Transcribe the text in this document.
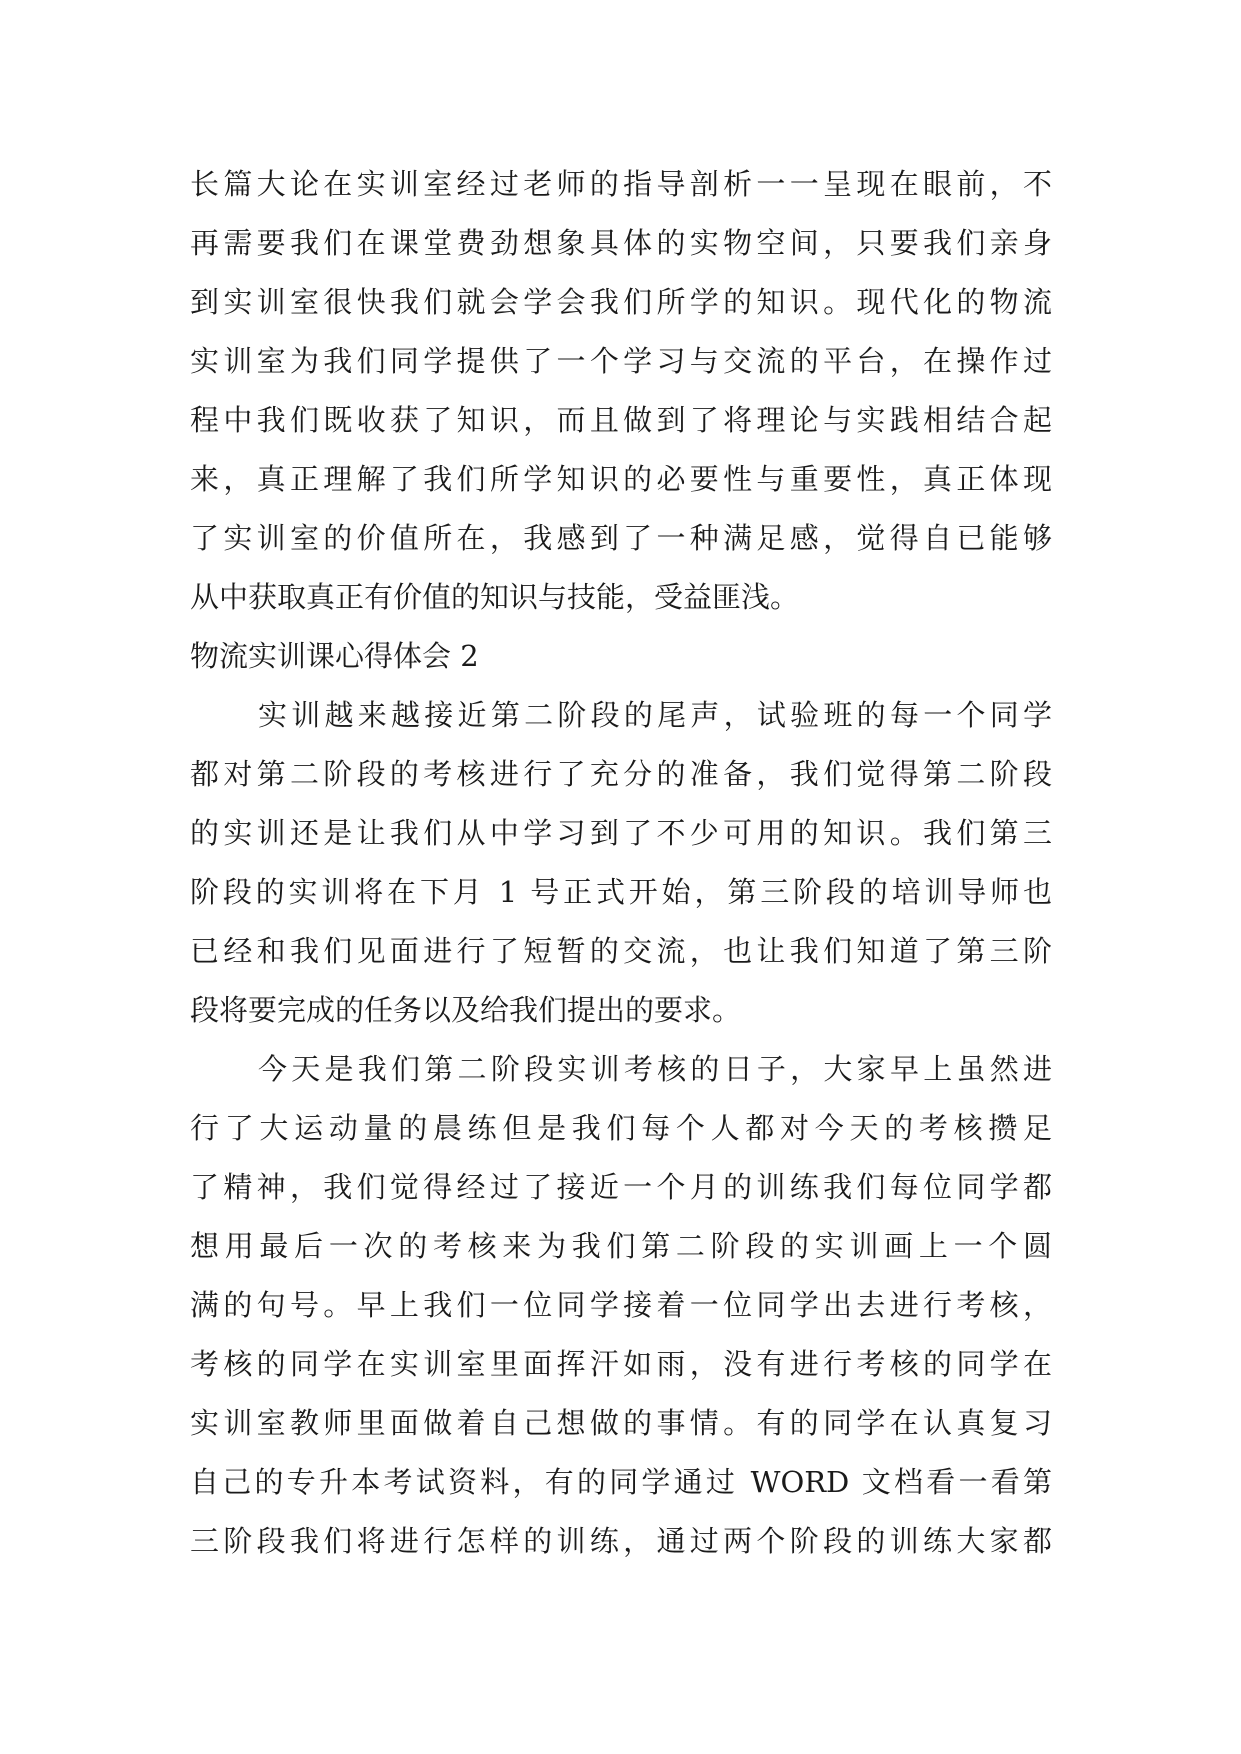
长篇大论在实训室经过老师的指导剖析一一呈现在眼前，不
再需要我们在课堂费劲想象具体的实物空间，只要我们亲身
到实训室很快我们就会学会我们所学的知识。现代化的物流
实训室为我们同学提供了一个学习与交流的平台，在操作过
程中我们既收获了知识，而且做到了将理论与实践相结合起
来，真正理解了我们所学知识的必要性与重要性，真正体现
了实训室的价值所在，我感到了一种满足感，觉得自已能够
从中获取真正有价值的知识与技能，受益匪浅。
物流实训课心得体会 2
实训越来越接近第二阶段的尾声，试验班的每一个同学
都对第二阶段的考核进行了充分的准备，我们觉得第二阶段
的实训还是让我们从中学习到了不少可用的知识。我们第三
阶段的实训将在下月 1 号正式开始，第三阶段的培训导师也
已经和我们见面进行了短暂的交流，也让我们知道了第三阶
段将要完成的任务以及给我们提出的要求。
今天是我们第二阶段实训考核的日子，大家早上虽然进
行了大运动量的晨练但是我们每个人都对今天的考核攒足
了精神，我们觉得经过了接近一个月的训练我们每位同学都
想用最后一次的考核来为我们第二阶段的实训画上一个圆
满的句号。早上我们一位同学接着一位同学出去进行考核，
考核的同学在实训室里面挥汗如雨，没有进行考核的同学在
实训室教师里面做着自己想做的事情。有的同学在认真复习
自己的专升本考试资料，有的同学通过 WORD 文档看一看第
三阶段我们将进行怎样的训练，通过两个阶段的训练大家都
